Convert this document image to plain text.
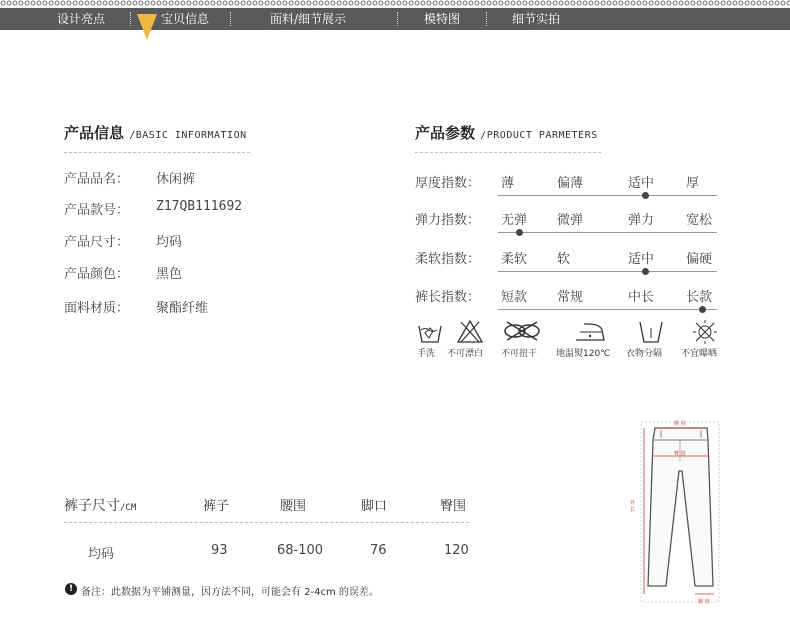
设计亮点	宝贝信息	面料/细节展示	模特图	细节实拍
产品信息 /BASIC INFORMATION
产品品名： 休闲裤
产品款号： Z17QB111692
产品尺寸： 均码
产品颜色： 黑色
面料材质： 聚酯纤维
产品参数 /PRODUCT PARMETERS
厚度指数： 薄	偏薄	适中 厚
弹力指数： 无弹 微弹	弹力 宽松
柔软指数： 柔软 软	适中 偏硬
裤长指数： 短款 常规	中长 长款
手洗 不可漂白 不可扭干 地温熨120℃ 衣物分隔 不宜曝晒
裤子尺寸/CM	裤子	腰围	脚口	臀围
均码	93	68-100	76	120
! 备注：此数据为平铺测量，因方法不同，可能会有 2-4cm 的误差。
腰 围
臀 围
外 长
脚 围
